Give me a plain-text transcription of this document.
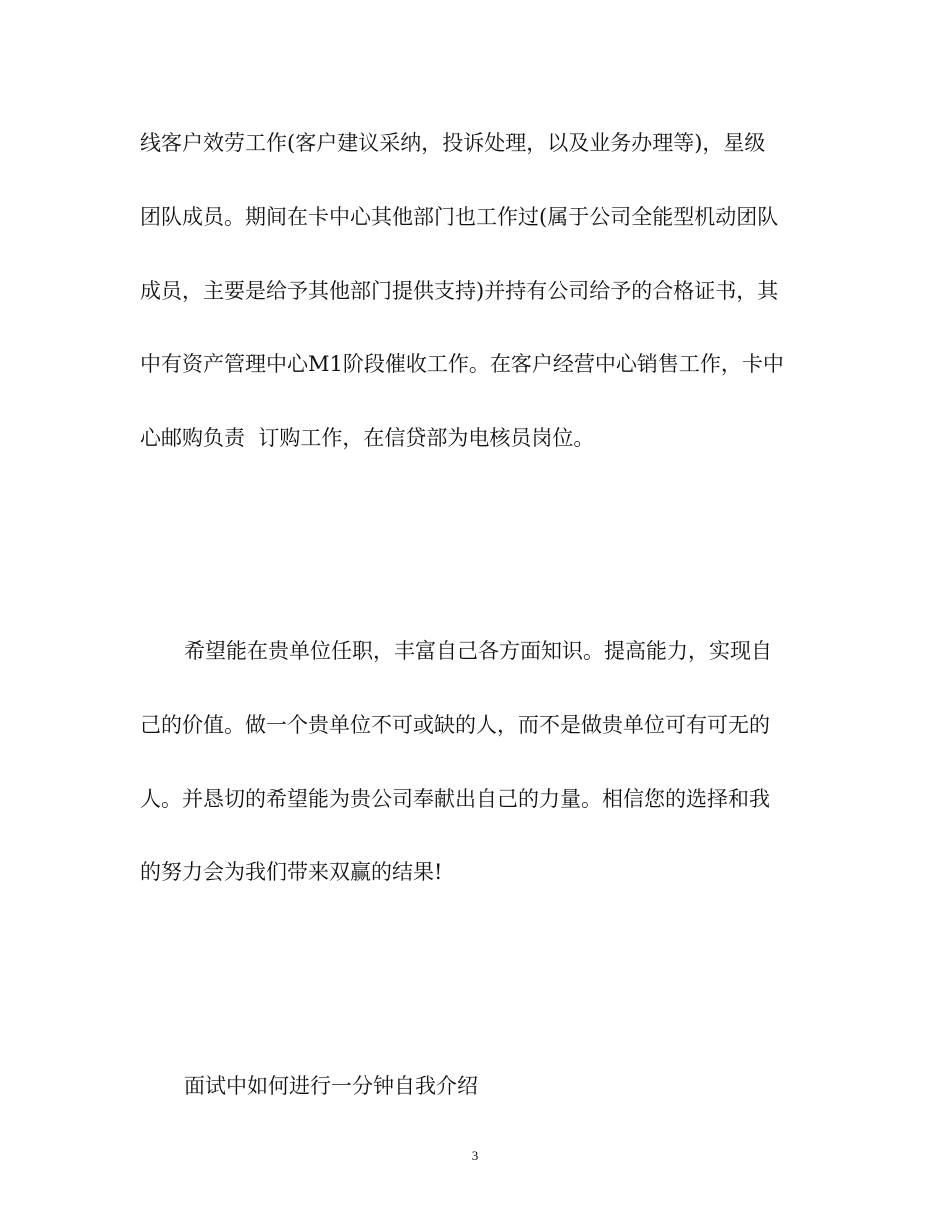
线客户效劳工作(客户建议采纳，投诉处理，以及业务办理等)，星级

团队成员。期间在卡中心其他部门也工作过(属于公司全能型机动团队

成员，主要是给予其他部门提供支持)并持有公司给予的合格证书，其

中有资产管理中心M1阶段催收工作。在客户经营中心销售工作，卡中

心邮购负责  订购工作，在信贷部为电核员岗位。

希望能在贵单位任职，丰富自己各方面知识。提高能力，实现自

己的价值。做一个贵单位不可或缺的人，而不是做贵单位可有可无的

人。并恳切的希望能为贵公司奉献出自己的力量。相信您的选择和我

的努力会为我们带来双赢的结果!

面试中如何进行一分钟自我介绍

3
